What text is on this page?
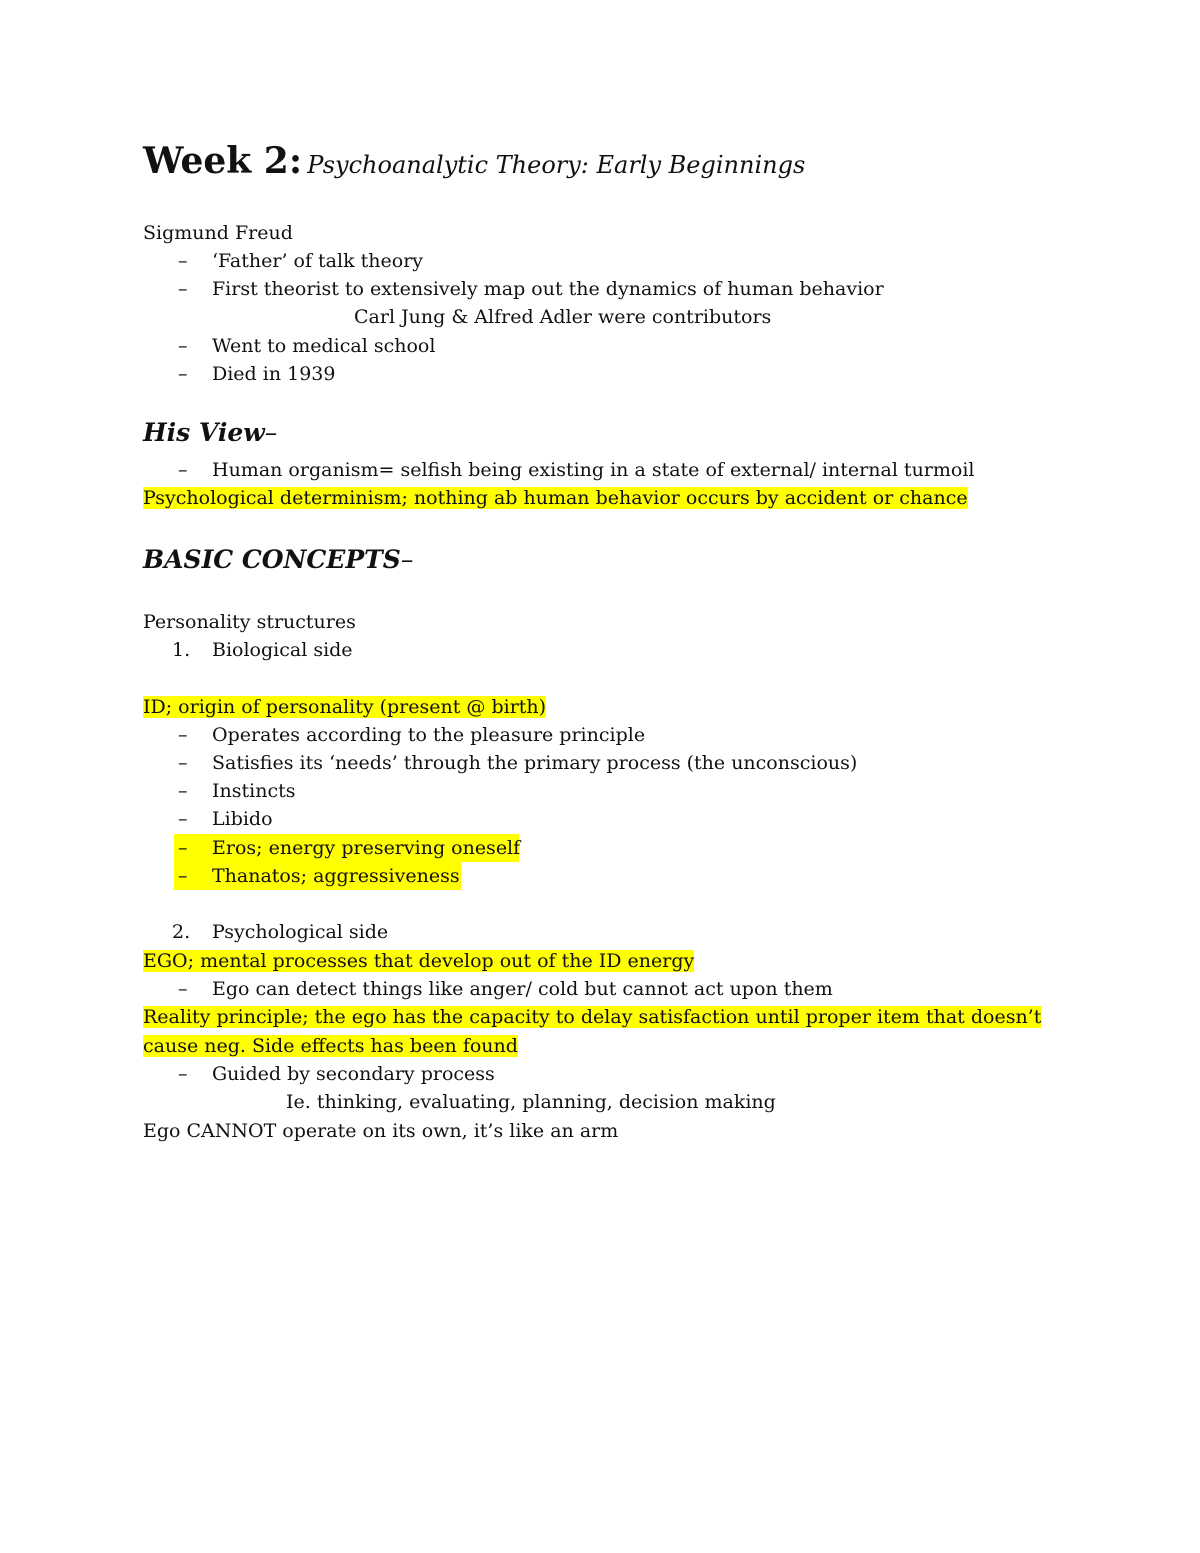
Week 2: Psychoanalytic Theory: Early Beginnings
Sigmund Freud
– ‘Father’ of talk theory
– First theorist to extensively map out the dynamics of human behavior
Carl Jung & Alfred Adler were contributors
– Went to medical school
– Died in 1939
His View–
– Human organism= selfish being existing in a state of external/ internal turmoil
Psychological determinism; nothing ab human behavior occurs by accident or chance
BASIC CONCEPTS–
Personality structures
1. Biological side
ID; origin of personality (present @ birth)
– Operates according to the pleasure principle
– Satisfies its ‘needs’ through the primary process (the unconscious)
– Instincts
– Libido
– Eros; energy preserving oneself
– Thanatos; aggressiveness
2. Psychological side
EGO; mental processes that develop out of the ID energy
– Ego can detect things like anger/ cold but cannot act upon them
Reality principle; the ego has the capacity to delay satisfaction until proper item that doesn’t
cause neg. Side effects has been found
– Guided by secondary process
Ie. thinking, evaluating, planning, decision making
Ego CANNOT operate on its own, it’s like an arm
